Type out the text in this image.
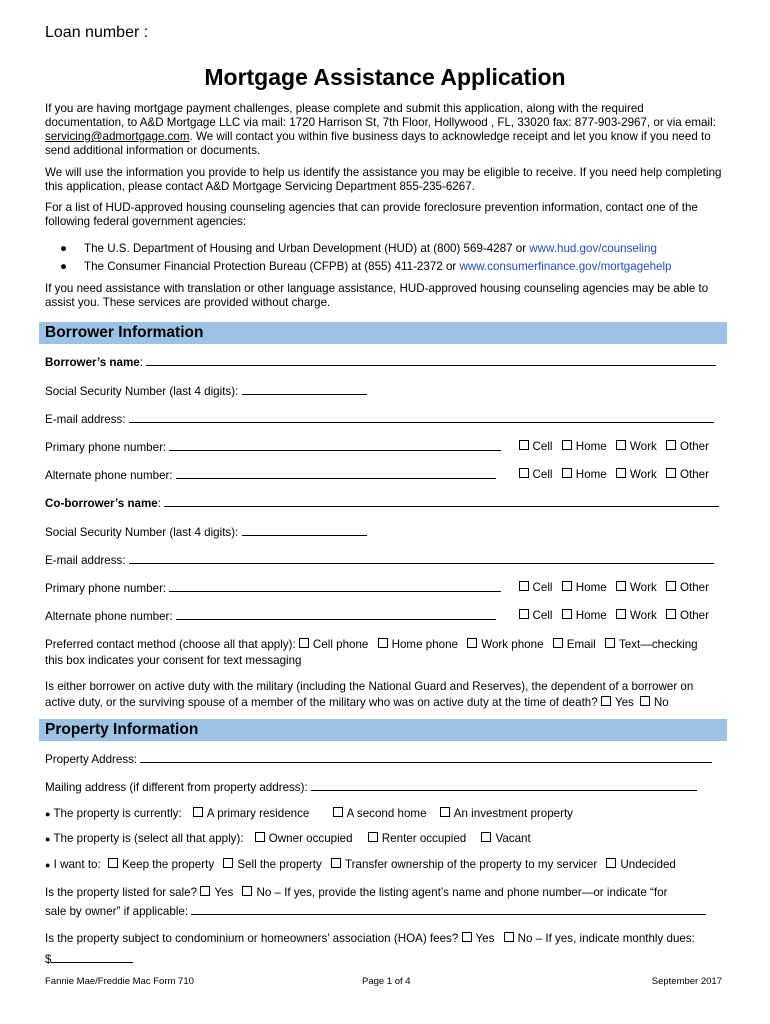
Loan number :
Mortgage Assistance Application
If you are having mortgage payment challenges, please complete and submit this application, along with the required documentation, to A&D Mortgage LLC via mail: 1720 Harrison St, 7th Floor, Hollywood , FL, 33020 fax: 877-903-2967, or via email: servicing@admortgage.com. We will contact you within five business days to acknowledge receipt and let you know if you need to send additional information or documents.
We will use the information you provide to help us identify the assistance you may be eligible to receive. If you need help completing this application, please contact A&D Mortgage Servicing Department 855-235-6267.
For a list of HUD-approved housing counseling agencies that can provide foreclosure prevention information, contact one of the following federal government agencies:
● The U.S. Department of Housing and Urban Development (HUD) at (800) 569-4287 or www.hud.gov/counseling
● The Consumer Financial Protection Bureau (CFPB) at (855) 411-2372 or www.consumerfinance.gov/mortgagehelp
If you need assistance with translation or other language assistance, HUD-approved housing counseling agencies may be able to assist you. These services are provided without charge.
Borrower Information
Borrower’s name:
Social Security Number (last 4 digits):
E-mail address:
Primary phone number:	Cell Home Work Other
Alternate phone number:	Cell Home Work Other
Co-borrower’s name:
Social Security Number (last 4 digits):
E-mail address:
Primary phone number:	Cell Home Work Other
Alternate phone number:	Cell Home Work Other
Preferred contact method (choose all that apply): Cell phone Home phone Work phone Email Text—checking
this box indicates your consent for text messaging
Is either borrower on active duty with the military (including the National Guard and Reserves), the dependent of a borrower on active duty, or the surviving spouse of a member of the military who was on active duty at the time of death? Yes No
Property Information
Property Address:
Mailing address (if different from property address):
● The property is currently: A primary residence	A second home An investment property
● The property is (select all that apply): Owner occupied	Renter occupied	Vacant
● I want to: Keep the property Sell the property Transfer ownership of the property to my servicer Undecided
Is the property listed for sale? Yes No – If yes, provide the listing agent’s name and phone number—or indicate “for
sale by owner” if applicable:
Is the property subject to condominium or homeowners’ association (HOA) fees? Yes No – If yes, indicate monthly dues:
$
Fannie Mae/Freddie Mac Form 710	Page 1 of 4	September 2017
